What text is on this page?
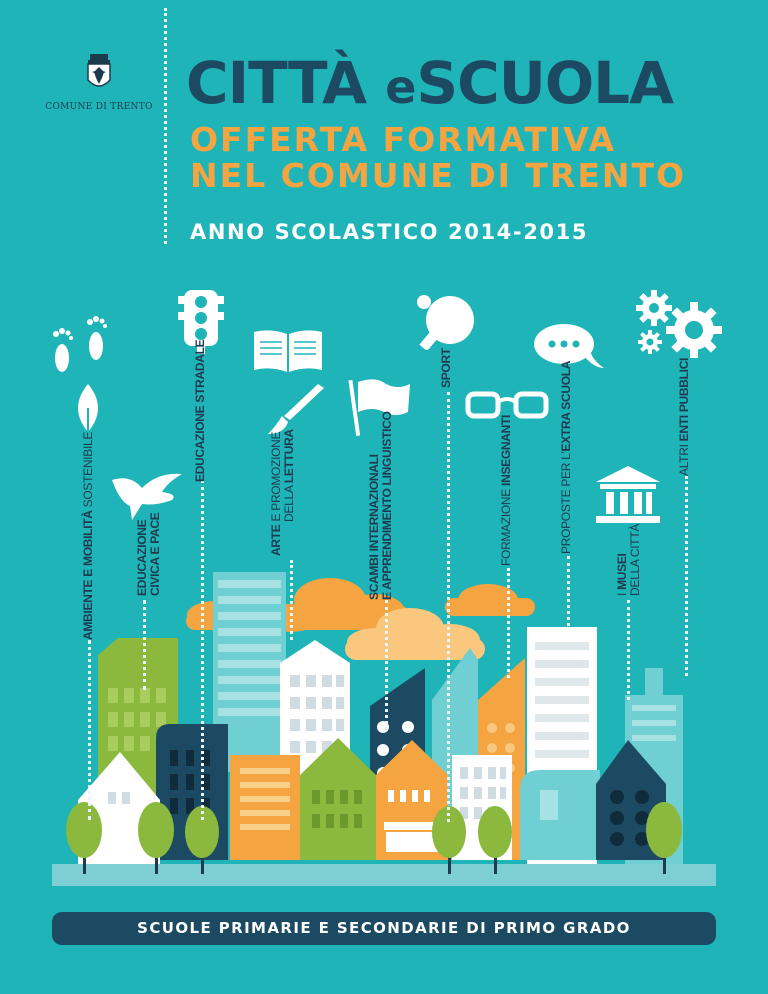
COMUNE DI TRENTO CITTÀ eSCUOLA
OFFERTA FORMATIVA
NEL COMUNE DI TRENTO
ANNO SCOLASTICO 2014-2015
AMBIENTE E MOBILITÀ SOSTENIBILE
EDUCAZIONE CIVICA E PACE
EDUCAZIONE STRADALE
ARTE E PROMOZIONE DELLA LETTURA	SCAMBI INTERNAZIONALI E APPRENDIMENTO LINGUISTICO
SPORT
FORMAZIONE INSEGNANTI
PROPOSTE PER L'EXTRA SCUOLA
I MUSEI DELLA CITTÀ
ALTRI ENTI PUBBLICI
SCUOLE PRIMARIE E SECONDARIE DI PRIMO GRADO
